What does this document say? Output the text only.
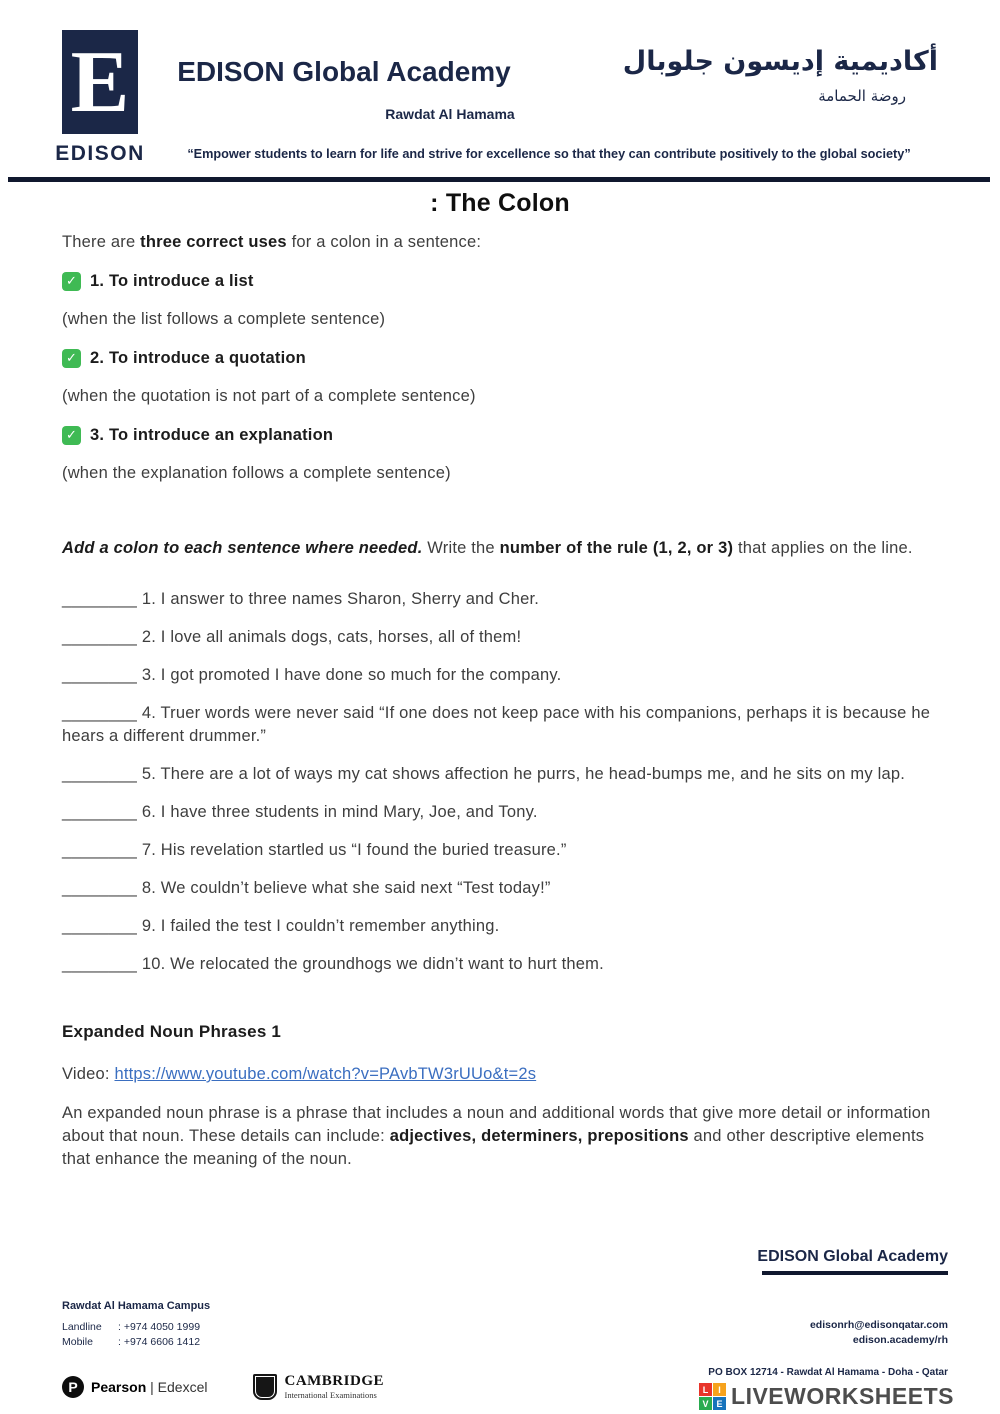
E
EDISON
EDISON Global Academy
Rawdat Al Hamama
أكاديمية إديسون جلوبال
روضة الحمامة
“Empower students to learn for life and strive for excellence so that they can contribute positively to the global society”
: The Colon

There are three correct uses for a colon in a sentence:

✓ 1. To introduce a list

(when the list follows a complete sentence)

✓ 2. To introduce a quotation

(when the quotation is not part of a complete sentence)

✓ 3. To introduce an explanation

(when the explanation follows a complete sentence)

Add a colon to each sentence where needed. Write the number of the rule (1, 2, or 3) that applies on the line.

________ 1. I answer to three names Sharon, Sherry and Cher.

________ 2. I love all animals dogs, cats, horses, all of them!

________ 3. I got promoted I have done so much for the company.

________ 4. Truer words were never said “If one does not keep pace with his companions, perhaps it is because he hears a different drummer.”

________ 5. There are a lot of ways my cat shows affection he purrs, he head-bumps me, and he sits on my lap.

________ 6. I have three students in mind Mary, Joe, and Tony.

________ 7. His revelation startled us “I found the buried treasure.”

________ 8. We couldn’t believe what she said next “Test today!”

________ 9. I failed the test I couldn’t remember anything.

________ 10. We relocated the groundhogs we didn’t want to hurt them.

Expanded Noun Phrases 1

Video: https://www.youtube.com/watch?v=PAvbTW3rUUo&t=2s

An expanded noun phrase is a phrase that includes a noun and additional words that give more detail or information about that noun. These details can include: adjectives, determiners, prepositions and other descriptive elements that enhance the meaning of the noun.

EDISON Global Academy
Rawdat Al Hamama Campus
Landline	: +974 4050 1999
Mobile	: +974 6606 1412
edisonrh@edisonqatar.com
edison.academy/rh
P Pearson | Edexcel	CAMBRIDGE
International Examinations
PO BOX 12714 - Rawdat Al Hamama - Doha - Qatar
L	I
V E LIVEWORKSHEETS
